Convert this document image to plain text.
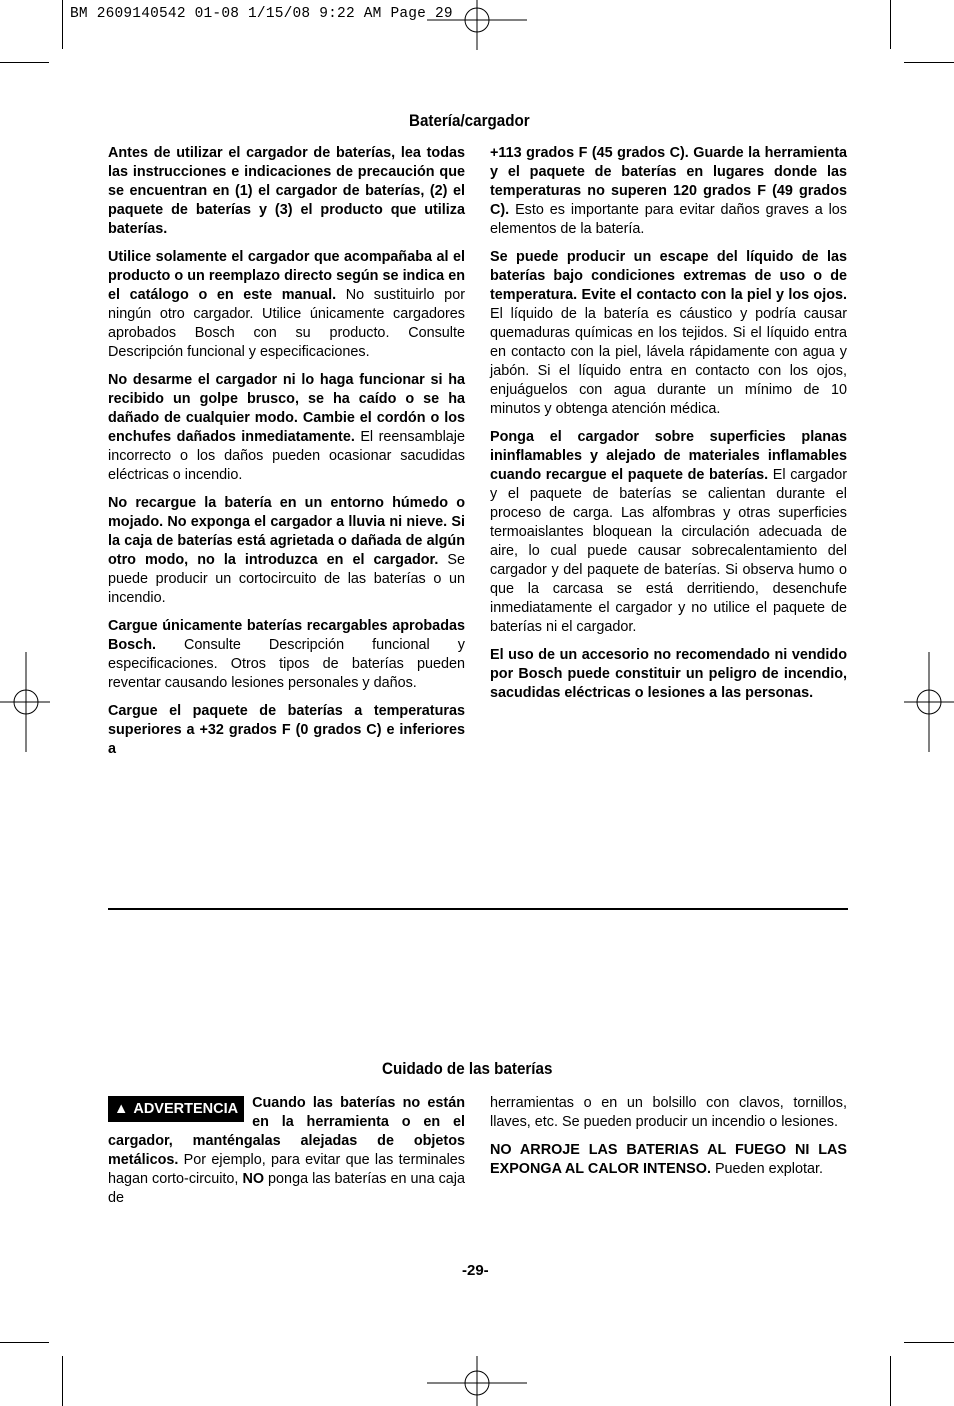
BM 2609140542 01-08 1/15/08 9:22 AM Page 29
Batería/cargador

Antes de utilizar el cargador de baterías, lea todas las instrucciones e indicaciones de precaución que se encuentran en (1) el cargador de baterías, (2) el paquete de baterías y (3) el producto que utiliza baterías.

Utilice solamente el cargador que acompañaba al el producto o un reemplazo directo según se indica en el catálogo o en este manual. No sustituirlo por ningún otro cargador. Utilice únicamente cargadores aprobados Bosch con su producto. Consulte Descripción funcional y especificaciones.

No desarme el cargador ni lo haga funcionar si ha recibido un golpe brusco, se ha caído o se ha dañado de cualquier modo. Cambie el cordón o los enchufes dañados inmediatamente. El reensamblaje incorrecto o los daños pueden ocasionar sacudidas eléctricas o incendio.

No recargue la batería en un entorno húmedo o mojado. No exponga el cargador a lluvia ni nieve. Si la caja de baterías está agrietada o dañada de algún otro modo, no la introduzca en el cargador. Se puede producir un cortocircuito de las baterías o un incendio.

Cargue únicamente baterías recargables aprobadas Bosch. Consulte Descripción funcional y especificaciones. Otros tipos de baterías pueden reventar causando lesiones personales y daños.

Cargue el paquete de baterías a temperaturas superiores a +32 grados F (0 grados C) e inferiores a

+113 grados F (45 grados C). Guarde la herramienta y el paquete de baterías en lugares donde las temperaturas no superen 120 grados F (49 grados C). Esto es importante para evitar daños graves a los elementos de la batería.

Se puede producir un escape del líquido de las baterías bajo condiciones extremas de uso o de temperatura. Evite el contacto con la piel y los ojos. El líquido de la batería es cáustico y podría causar quemaduras químicas en los tejidos. Si el líquido entra en contacto con la piel, lávela rápidamente con agua y jabón. Si el líquido entra en contacto con los ojos, enjuáguelos con agua durante un mínimo de 10 minutos y obtenga atención médica.

Ponga el cargador sobre superficies planas ininflamables y alejado de materiales inflamables cuando recargue el paquete de baterías. El cargador y el paquete de baterías se calientan durante el proceso de carga. Las alfombras y otras superficies termoaislantes bloquean la circulación adecuada de aire, lo cual puede causar sobrecalentamiento del cargador y del paquete de baterías. Si observa humo o que la carcasa se está derritiendo, desenchufe inmediatamente el cargador y no utilice el paquete de baterías ni el cargador.

El uso de un accesorio no recomendado ni vendido por Bosch puede constituir un peligro de incendio, sacudidas eléctricas o lesiones a las personas.

Cuidado de las baterías

▲ ADVERTENCIA Cuando las baterías no están en la herramienta o en el cargador, manténgalas alejadas de objetos metálicos. Por ejemplo, para evitar que las terminales hagan corto-circuito, NO ponga las baterías en una caja de

herramientas o en un bolsillo con clavos, tornillos, llaves, etc. Se pueden producir un incendio o lesiones.

NO ARROJE LAS BATERIAS AL FUEGO NI LAS EXPONGA AL CALOR INTENSO. Pueden explotar.

-29-
